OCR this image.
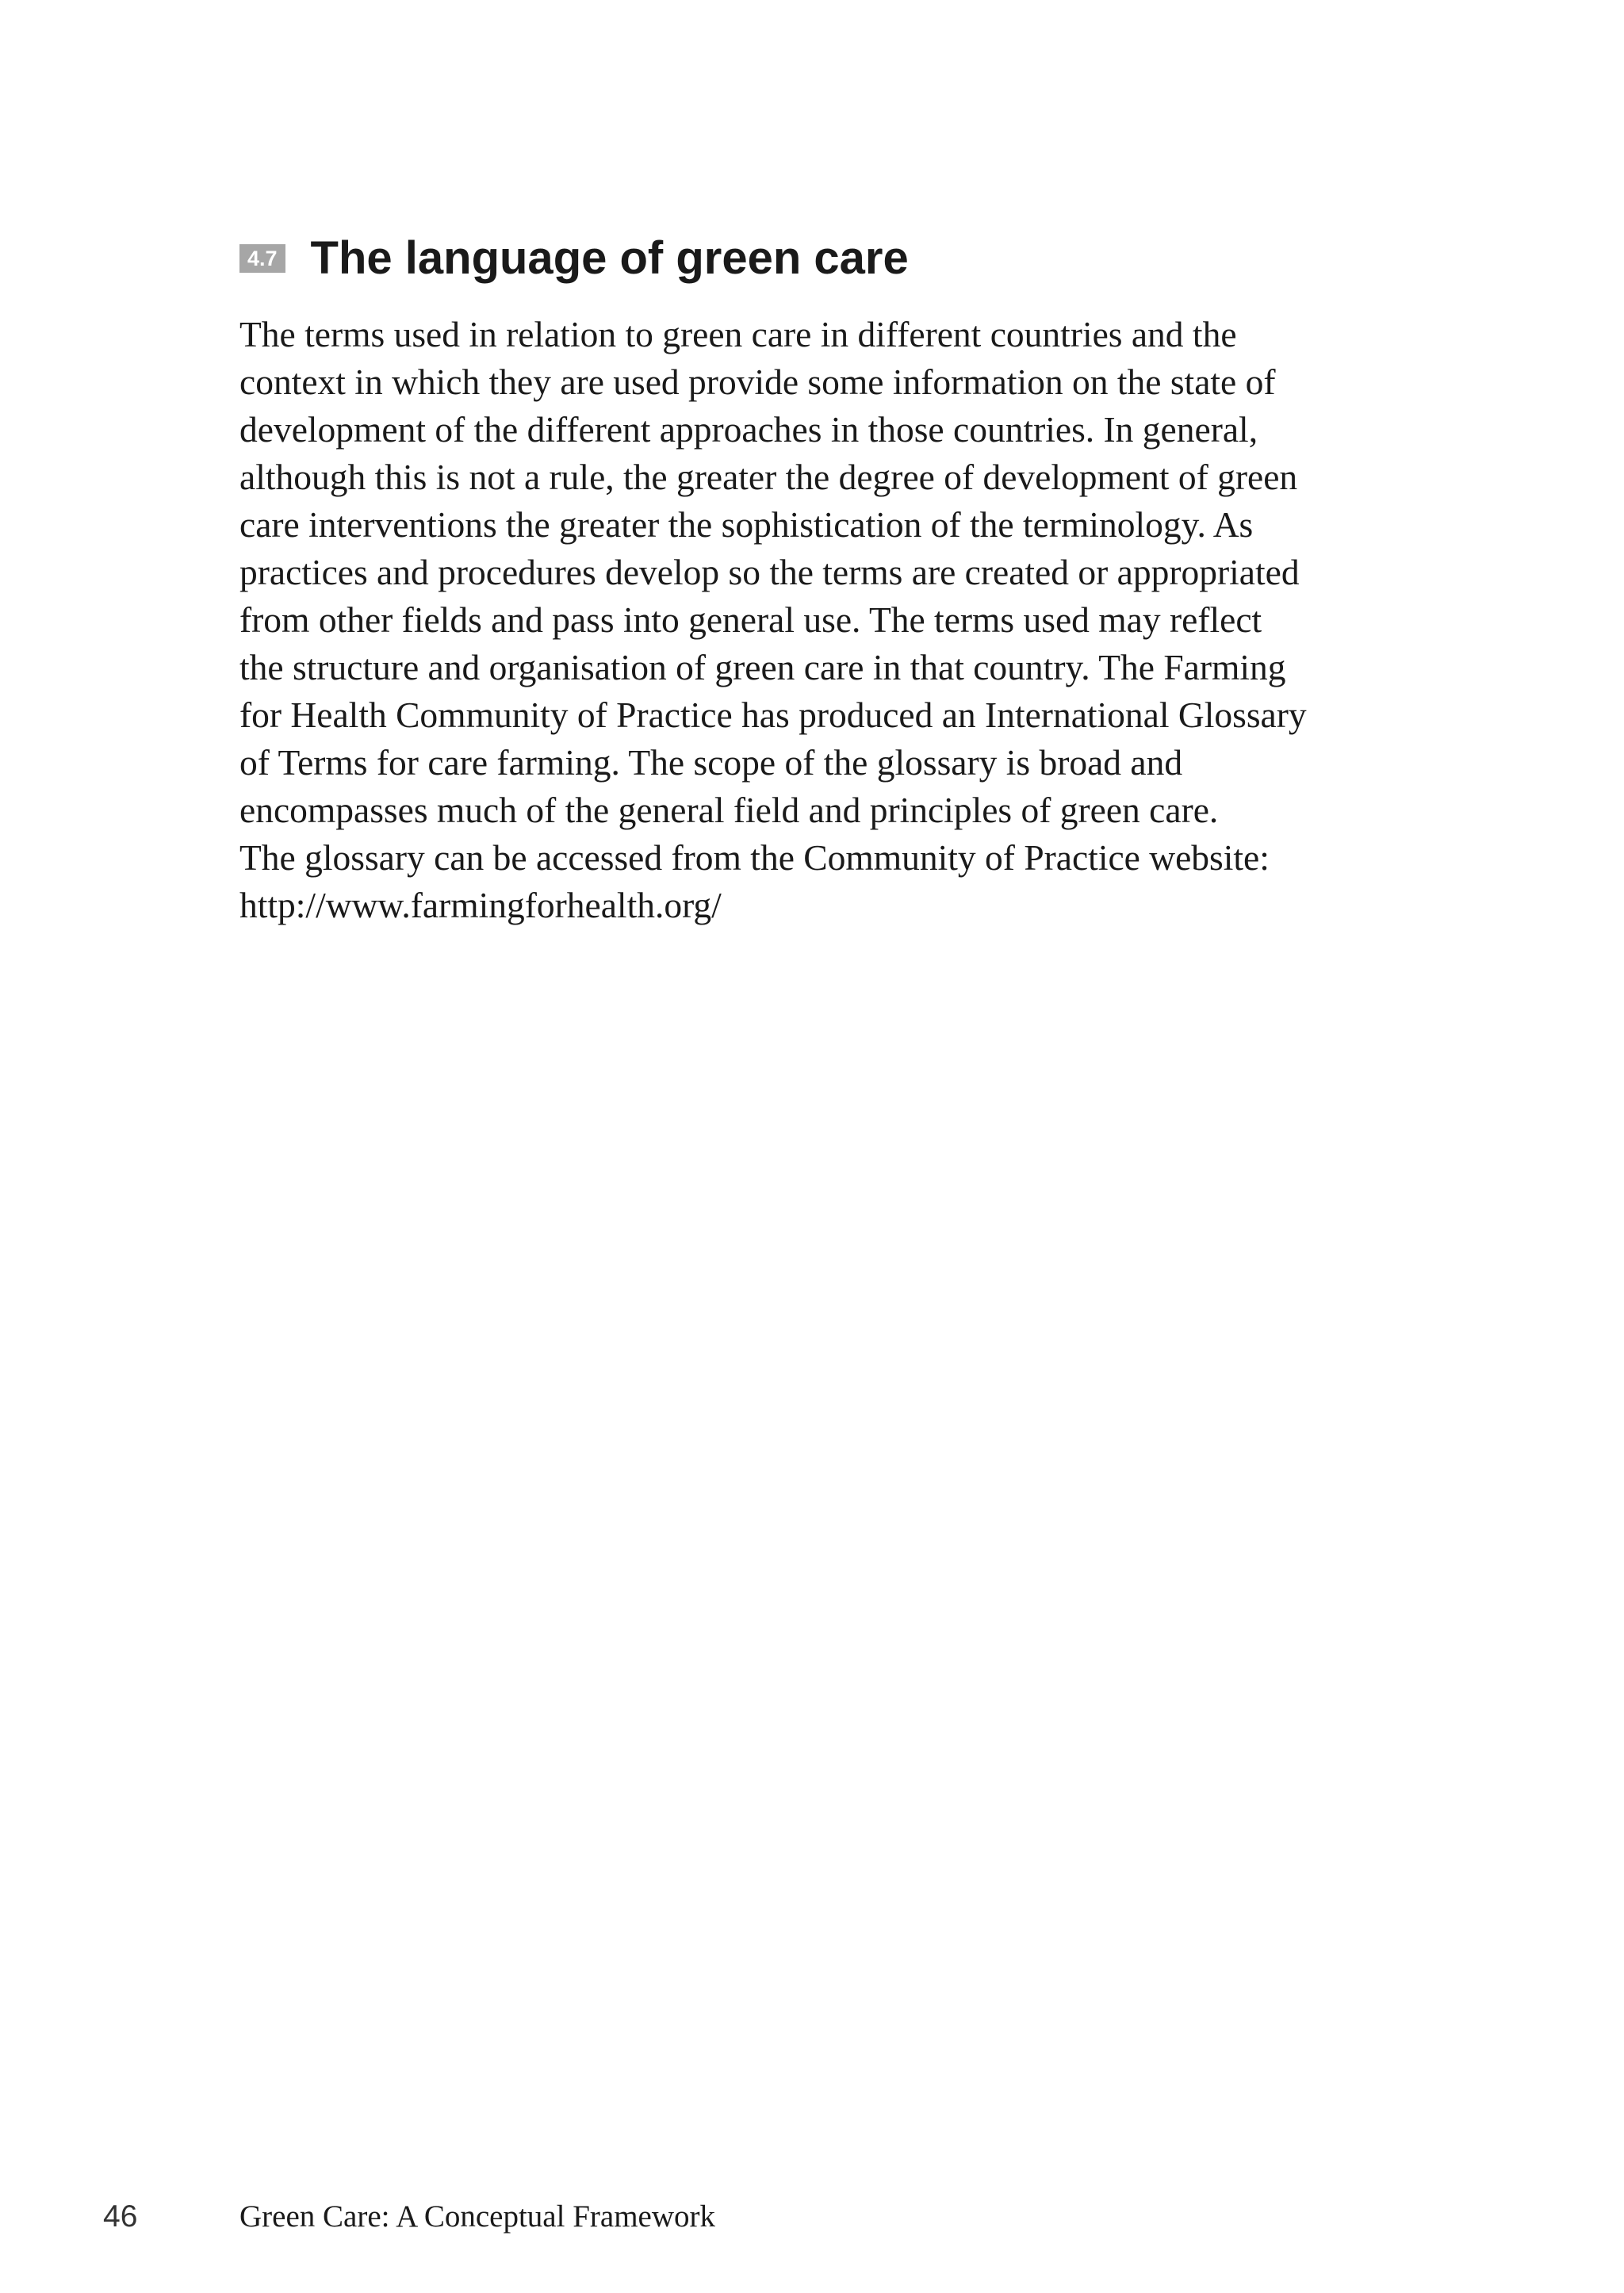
4.7 The language of green care

The terms used in relation to green care in different countries and the
context in which they are used provide some information on the state of
development of the different approaches in those countries. In general,
although this is not a rule, the greater the degree of development of green
care interventions the greater the sophistication of the terminology. As
practices and procedures develop so the terms are created or appropriated
from other fields and pass into general use. The terms used may reflect
the structure and organisation of green care in that country. The Farming
for Health Community of Practice has produced an International Glossary
of Terms for care farming. The scope of the glossary is broad and
encompasses much of the general field and principles of green care.
The glossary can be accessed from the Community of Practice website:
http://www.farmingforhealth.org/

46	Green Care: A Conceptual Framework
